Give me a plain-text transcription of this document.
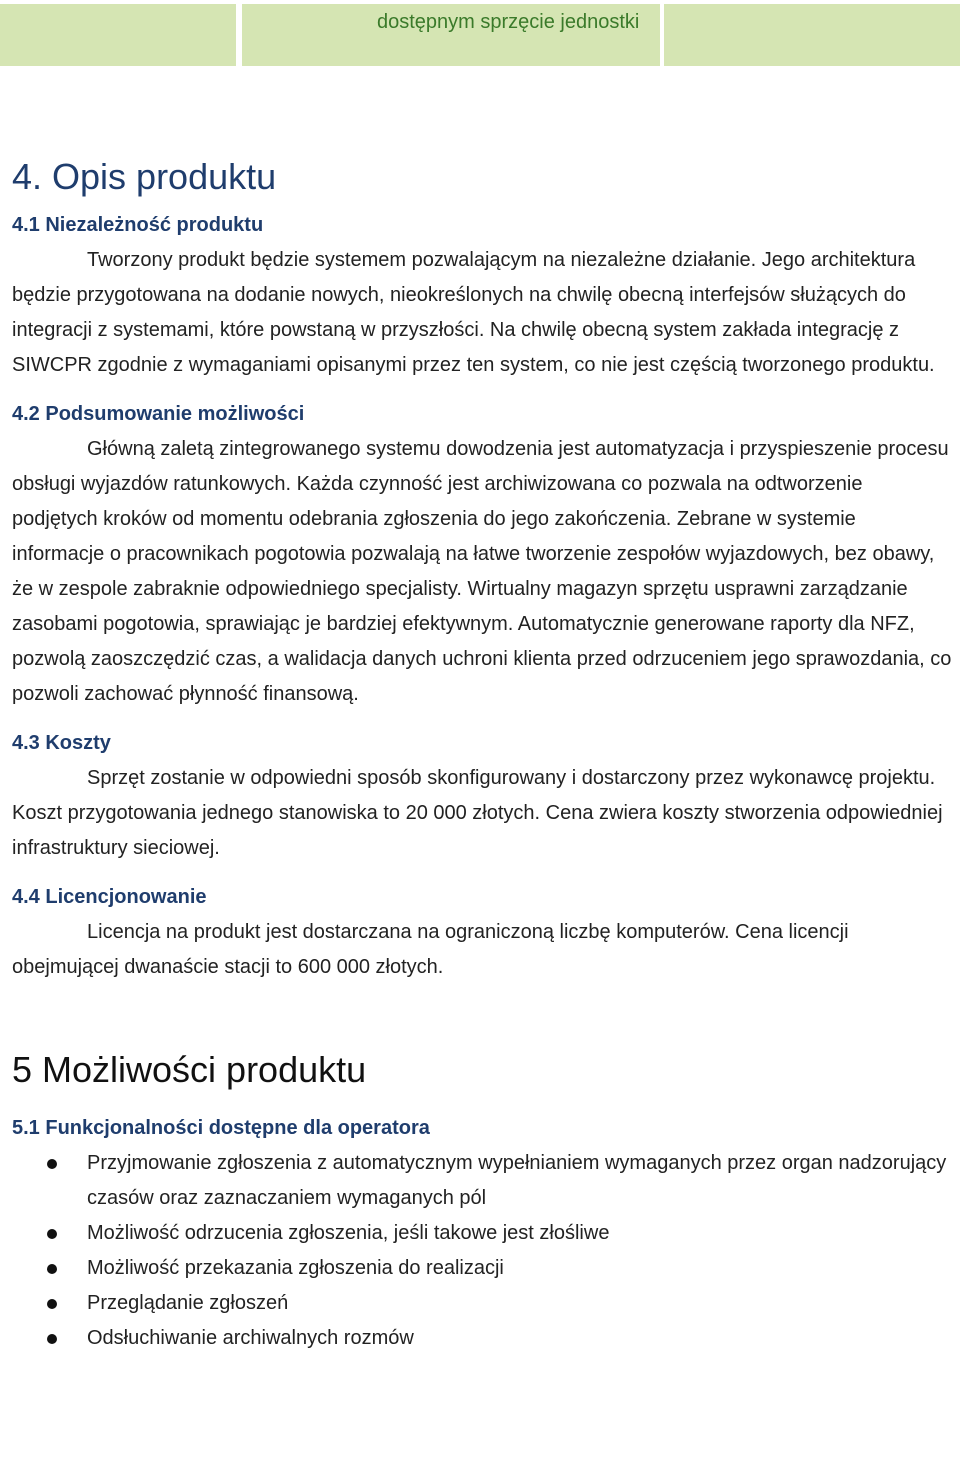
dostępnym sprzęcie jednostki
4. Opis produktu
4.1 Niezależność produktu

Tworzony produkt będzie systemem pozwalającym na niezależne działanie. Jego architektura będzie przygotowana na dodanie nowych, nieokreślonych na chwilę obecną interfejsów służących do integracji z systemami, które powstaną w przyszłości. Na chwilę obecną system zakłada integrację z SIWCPR zgodnie z wymaganiami opisanymi przez ten system, co nie jest częścią tworzonego produktu.

4.2 Podsumowanie możliwości

Główną zaletą zintegrowanego systemu dowodzenia jest automatyzacja i przyspieszenie procesu obsługi wyjazdów ratunkowych. Każda czynność jest archiwizowana co pozwala na odtworzenie podjętych kroków od momentu odebrania zgłoszenia do jego zakończenia. Zebrane w systemie informacje o pracownikach pogotowia pozwalają na łatwe tworzenie zespołów wyjazdowych, bez obawy, że w zespole zabraknie odpowiedniego specjalisty. Wirtualny magazyn sprzętu usprawni zarządzanie zasobami pogotowia, sprawiając je bardziej efektywnym. Automatycznie generowane raporty dla NFZ, pozwolą zaoszczędzić czas, a walidacja danych uchroni klienta przed odrzuceniem jego sprawozdania, co pozwoli zachować płynność finansową.

4.3 Koszty

Sprzęt zostanie w odpowiedni sposób skonfigurowany i dostarczony przez wykonawcę projektu. Koszt przygotowania jednego stanowiska to 20 000 złotych. Cena zwiera koszty stworzenia odpowiedniej infrastruktury sieciowej.

4.4 Licencjonowanie

Licencja na produkt jest dostarczana na ograniczoną liczbę komputerów. Cena licencji obejmującej dwanaście stacji to 600 000 złotych.

5 Możliwości produktu
5.1 Funkcjonalności dostępne dla operatora
Przyjmowanie zgłoszenia z automatycznym wypełnianiem wymaganych przez organ nadzorujący czasów oraz zaznaczaniem wymaganych pól
Możliwość odrzucenia zgłoszenia, jeśli takowe jest złośliwe
Możliwość przekazania zgłoszenia do realizacji
Przeglądanie zgłoszeń
Odsłuchiwanie archiwalnych rozmów
